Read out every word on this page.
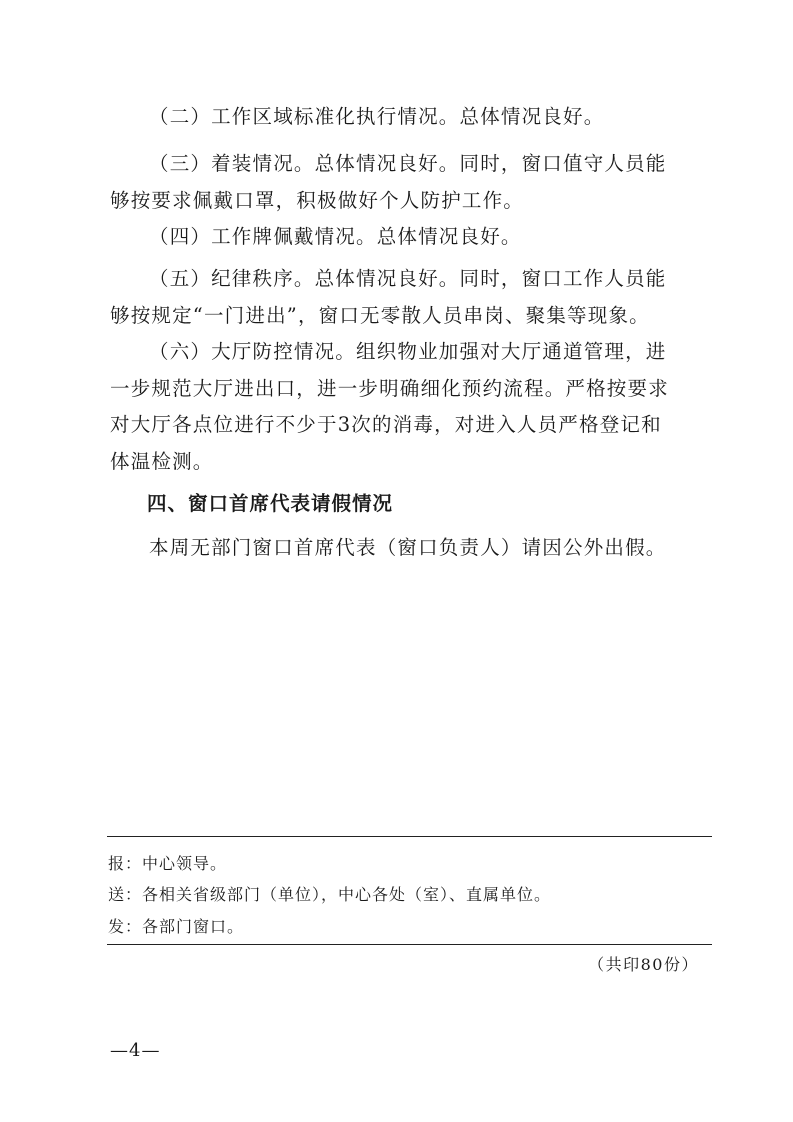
（二）工作区域标准化执行情况。总体情况良好。

（三）着装情况。总体情况良好。同时，窗口值守人员能够按要求佩戴口罩，积极做好个人防护工作。

（四）工作牌佩戴情况。总体情况良好。

（五）纪律秩序。总体情况良好。同时，窗口工作人员能够按规定“一门进出”，窗口无零散人员串岗、聚集等现象。

（六）大厅防控情况。组织物业加强对大厅通道管理，进一步规范大厅进出口，进一步明确细化预约流程。严格按要求对大厅各点位进行不少于3次的消毒，对进入人员严格登记和体温检测。

四、窗口首席代表请假情况

本周无部门窗口首席代表（窗口负责人）请因公外出假。

报：中心领导。

送：各相关省级部门（单位），中心各处（室）、直属单位。

发：各部门窗口。

（共印80份）

—4—
